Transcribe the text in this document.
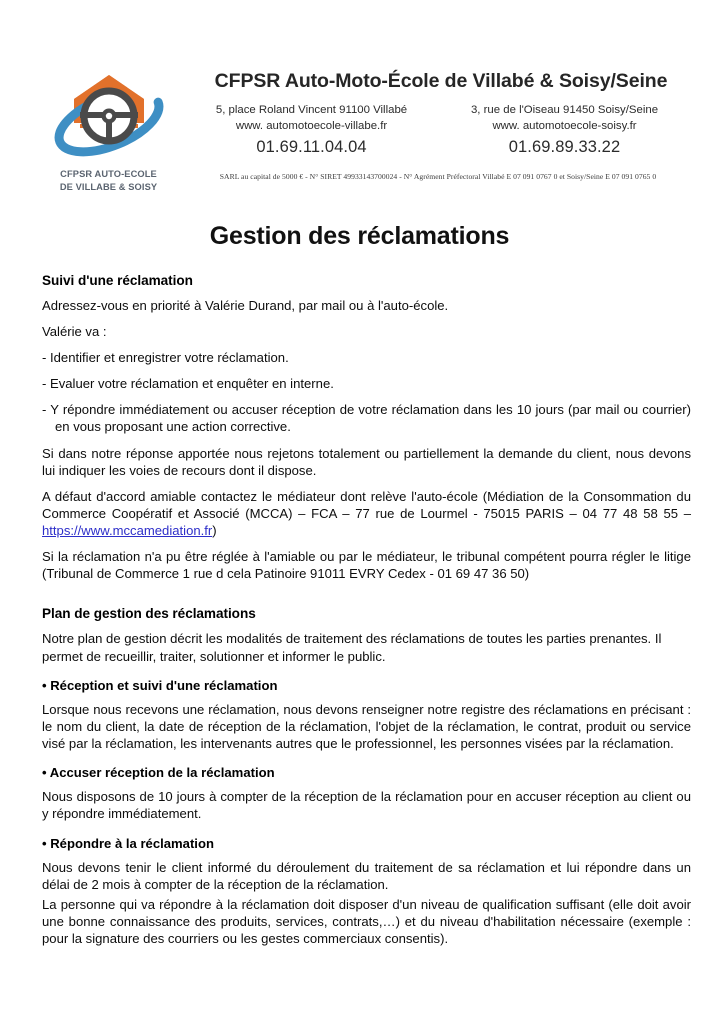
CFPSR AUTO-ECOLE
DE VILLABE & SOISY
CFPSR Auto-Moto-École de Villabé & Soisy/Seine
5, place Roland Vincent 91100 Villabé
www. automotoecole-villabe.fr
01.69.11.04.04
3, rue de l'Oiseau 91450 Soisy/Seine
www. automotoecole-soisy.fr
01.69.89.33.22
SARL au capital de 5000 € - N° SIRET 49933143700024 - N° Agrément Préfectoral Villabé E 07 091 0767 0 et Soisy/Seine E 07 091 0765 0
Gestion des réclamations
Suivi d'une réclamation

Adressez-vous en priorité à Valérie Durand, par mail ou à l'auto-école.

Valérie va :

- Identifier et enregistrer votre réclamation.

- Evaluer votre réclamation et enquêter en interne.

- Y répondre immédiatement ou accuser réception de votre réclamation dans les 10 jours (par mail ou courrier) en vous proposant une action corrective.

Si dans notre réponse apportée nous rejetons totalement ou partiellement la demande du client, nous devons lui indiquer les voies de recours dont il dispose.

A défaut d'accord amiable contactez le médiateur dont relève l'auto-école (Médiation de la Consommation du Commerce Coopératif et Associé (MCCA) – FCA – 77 rue de Lourmel - 75015 PARIS – 04 77 48 58 55 – https://www.mccamediation.fr)

Si la réclamation n'a pu être réglée à l'amiable ou par le médiateur, le tribunal compétent pourra régler le litige (Tribunal de Commerce 1 rue d cela Patinoire 91011 EVRY Cedex - 01 69 47 36 50)

Plan de gestion des réclamations

Notre plan de gestion décrit les modalités de traitement des réclamations de toutes les parties prenantes. Il permet de recueillir, traiter, solutionner et informer le public.

• Réception et suivi d'une réclamation

Lorsque nous recevons une réclamation, nous devons renseigner notre registre des réclamations en précisant : le nom du client, la date de réception de la réclamation, l'objet de la réclamation, le contrat, produit ou service visé par la réclamation, les intervenants autres que le professionnel, les personnes visées par la réclamation.

• Accuser réception de la réclamation

Nous disposons de 10 jours à compter de la réception de la réclamation pour en accuser réception au client ou y répondre immédiatement.

• Répondre à la réclamation

Nous devons tenir le client informé du déroulement du traitement de sa réclamation et lui répondre dans un délai de 2 mois à compter de la réception de la réclamation.

La personne qui va répondre à la réclamation doit disposer d'un niveau de qualification suffisant (elle doit avoir une bonne connaissance des produits, services, contrats,…) et du niveau d'habilitation nécessaire (exemple : pour la signature des courriers ou les gestes commerciaux consentis).
